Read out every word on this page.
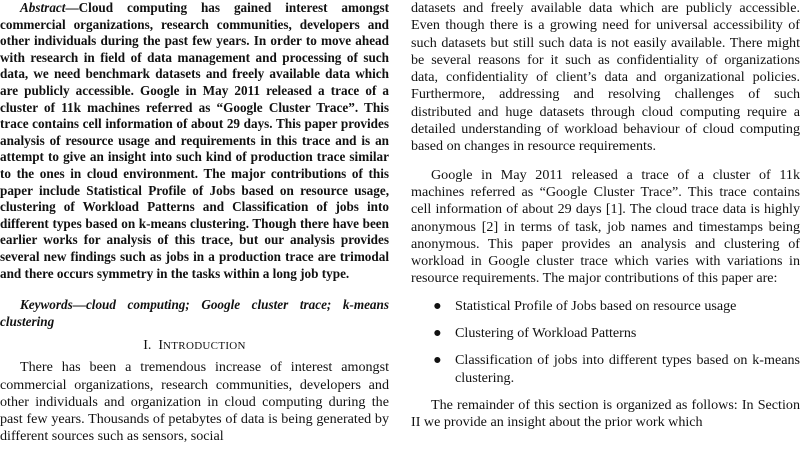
Abstract—Cloud computing has gained interest amongst commercial organizations, research communities, developers and other individuals during the past few years. In order to move ahead with research in field of data management and processing of such data, we need benchmark datasets and freely available data which are publicly accessible. Google in May 2011 released a trace of a cluster of 11k machines referred as “Google Cluster Trace”. This trace contains cell information of about 29 days. This paper provides analysis of resource usage and requirements in this trace and is an attempt to give an insight into such kind of production trace similar to the ones in cloud environment. The major contributions of this paper include Statistical Profile of Jobs based on resource usage, clustering of Workload Patterns and Classification of jobs into different types based on k-means clustering. Though there have been earlier works for analysis of this trace, but our analysis provides several new findings such as jobs in a production trace are trimodal and there occurs symmetry in the tasks within a long job type.

Keywords—cloud computing; Google cluster trace; k-means clustering

I. INTRODUCTION

There has been a tremendous increase of interest amongst commercial organizations, research communities, developers and other individuals and organization in cloud computing during the past few years. Thousands of petabytes of data is being generated by different sources such as sensors, social

datasets and freely available data which are publicly accessible. Even though there is a growing need for universal accessibility of such datasets but still such data is not easily available. There might be several reasons for it such as confidentiality of organizations data, confidentiality of client’s data and organizational policies. Furthermore, addressing and resolving challenges of such distributed and huge datasets through cloud computing require a detailed understanding of workload behaviour of cloud computing based on changes in resource requirements.

Google in May 2011 released a trace of a cluster of 11k machines referred as “Google Cluster Trace”. This trace contains cell information of about 29 days [1]. The cloud trace data is highly anonymous [2] in terms of task, job names and timestamps being anonymous. This paper provides an analysis and clustering of workload in Google cluster trace which varies with variations in resource requirements. The major contributions of this paper are:

● Statistical Profile of Jobs based on resource usage
● Clustering of Workload Patterns
● Classification of jobs into different types based on k-means clustering.

The remainder of this section is organized as follows: In Section II we provide an insight about the prior work which
